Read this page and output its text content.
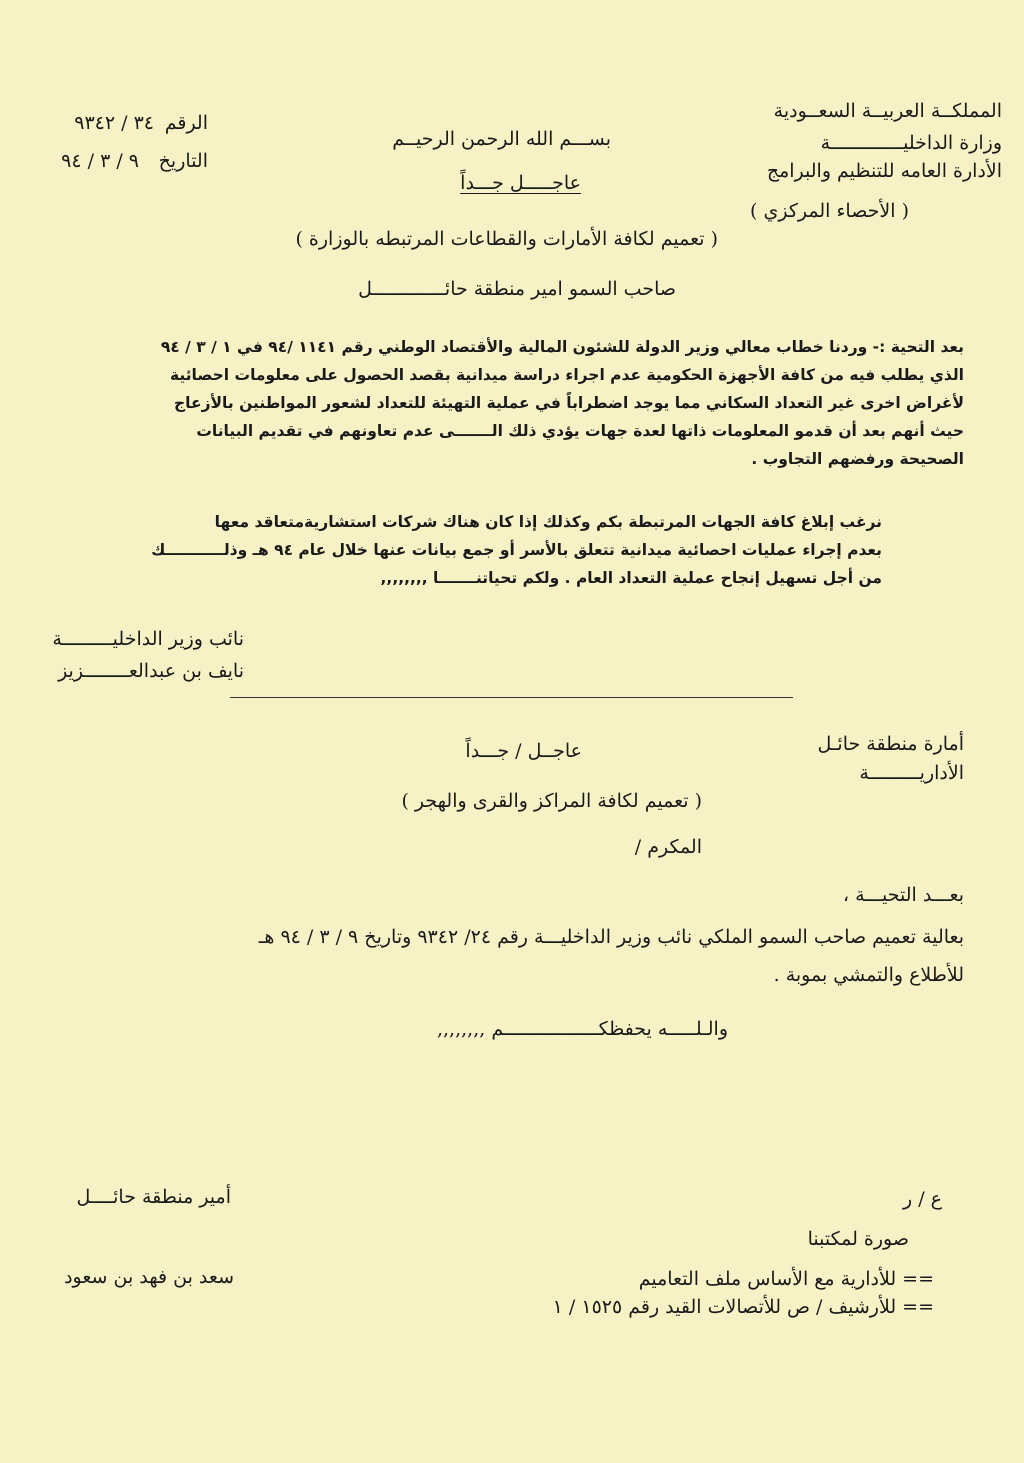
المملكــة العربيــة السعــودية
وزارة الداخليـــــــــــــة
الأدارة العامه للتنظيم والبرامج
( الأحصاء المركزي )
بســـم الله الرحمن الرحيــم
عاجـــــل جـــداً
( تعميم لكافة الأمارات والقطاعات المرتبطه بالوزارة )
صاحب السمو امير منطقة حائـــــــــــــل
الرقم
٣٤ / ٩٣٤٢
التاريخ
٩ / ٣ / ٩٤
بعد التحية :- وردنا خطاب معالي وزير الدولة للشئون المالية والأقتصاد الوطني رقم ١١٤١ /٩٤ في ١ / ٣ / ٩٤
الذي يطلب فيه من كافة الأجهزة الحكومية عدم اجراء دراسة ميدانية بقصد الحصول على معلومات احصائية
لأغراض اخرى غير التعداد السكاني مما يوجد اضطراباً في عملية التهيئة للتعداد لشعور المواطنين بالأزعاج
حيث أنهم بعد أن قدمو المعلومات ذاتها لعدة جهات يؤدي ذلك الـــــــى عدم تعاونهم في تقديم البيانات
الصحيحة ورفضهم التجاوب .
نرغب إبلاغ كافة الجهات المرتبطة بكم وكذلك إذا كان هناك شركات استشاريةمتعاقد معها
بعدم إجراء عمليات احصائية ميدانية تتعلق بالأسر أو جمع بيانات عنها خلال عام ٩٤ هـ وذلـــــــــــك
من أجل تسهيل إنجاح عملية التعداد العام . ولكم تحياتنـــــــا ,,,,,,,,
نائب وزير الداخليـــــــــة
نايف بن عبدالعــــــــزيز
أمارة منطقة حائـل
الأداريـــــــــة
عاجــل / جـــداً
( تعميم لكافة المراكز والقرى والهجر )
المكرم /
بعـــد التحيـــة ،
بعالية تعميم صاحب السمو الملكي نائب وزير الداخليـــة رقم ٢٤/ ٩٣٤٢ وتاريخ ٩ / ٣ / ٩٤ هـ
للأطلاع والتمشي بموبة .
والـلـــــه يحفظكـــــــــــــــــم ,,,,,,,,
ع / ر
صورة لمكتبنا
== للأدارية مع الأساس ملف التعاميم
== للأرشيف / ص للأتصالات القيد رقم ١٥٢٥ / ١
أمير منطقة حائــــل
سعد بن فهد بن سعود
